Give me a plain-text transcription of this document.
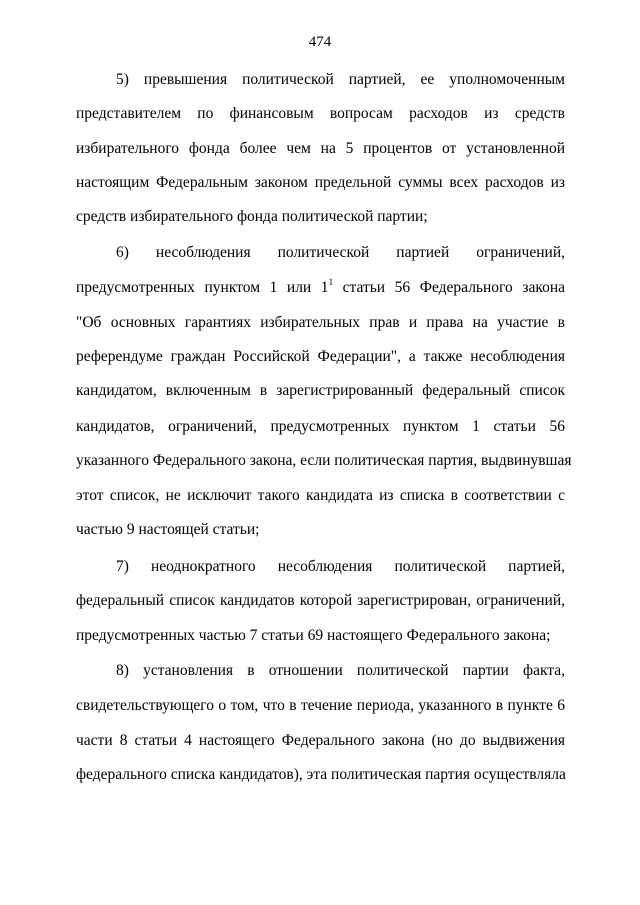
474
5) превышения политической партией, ее уполномоченным
представителем по финансовым вопросам расходов из средств
избирательного фонда более чем на 5 процентов от установленной
настоящим Федеральным законом предельной суммы всех расходов из
средств избирательного фонда политической партии;
6) несоблюдения политической партией ограничений,
предусмотренных пунктом 1 или $1^1$ статьи 56 Федерального закона
"Об основных гарантиях избирательных прав и права на участие в
референдуме граждан Российской Федерации", а также несоблюдения
кандидатом, включенным в зарегистрированный федеральный список
кандидатов, ограничений, предусмотренных пунктом 1 статьи 56
указанного Федерального закона, если политическая партия, выдвинувшая
этот список, не исключит такого кандидата из списка в соответствии с
частью 9 настоящей статьи;
7) неоднократного несоблюдения политической партией,
федеральный список кандидатов которой зарегистрирован, ограничений,
предусмотренных частью 7 статьи 69 настоящего Федерального закона;
8) установления в отношении политической партии факта,
свидетельствующего о том, что в течение периода, указанного в пункте 6
части 8 статьи 4 настоящего Федерального закона (но до выдвижения
федерального списка кандидатов), эта политическая партия осуществляла
